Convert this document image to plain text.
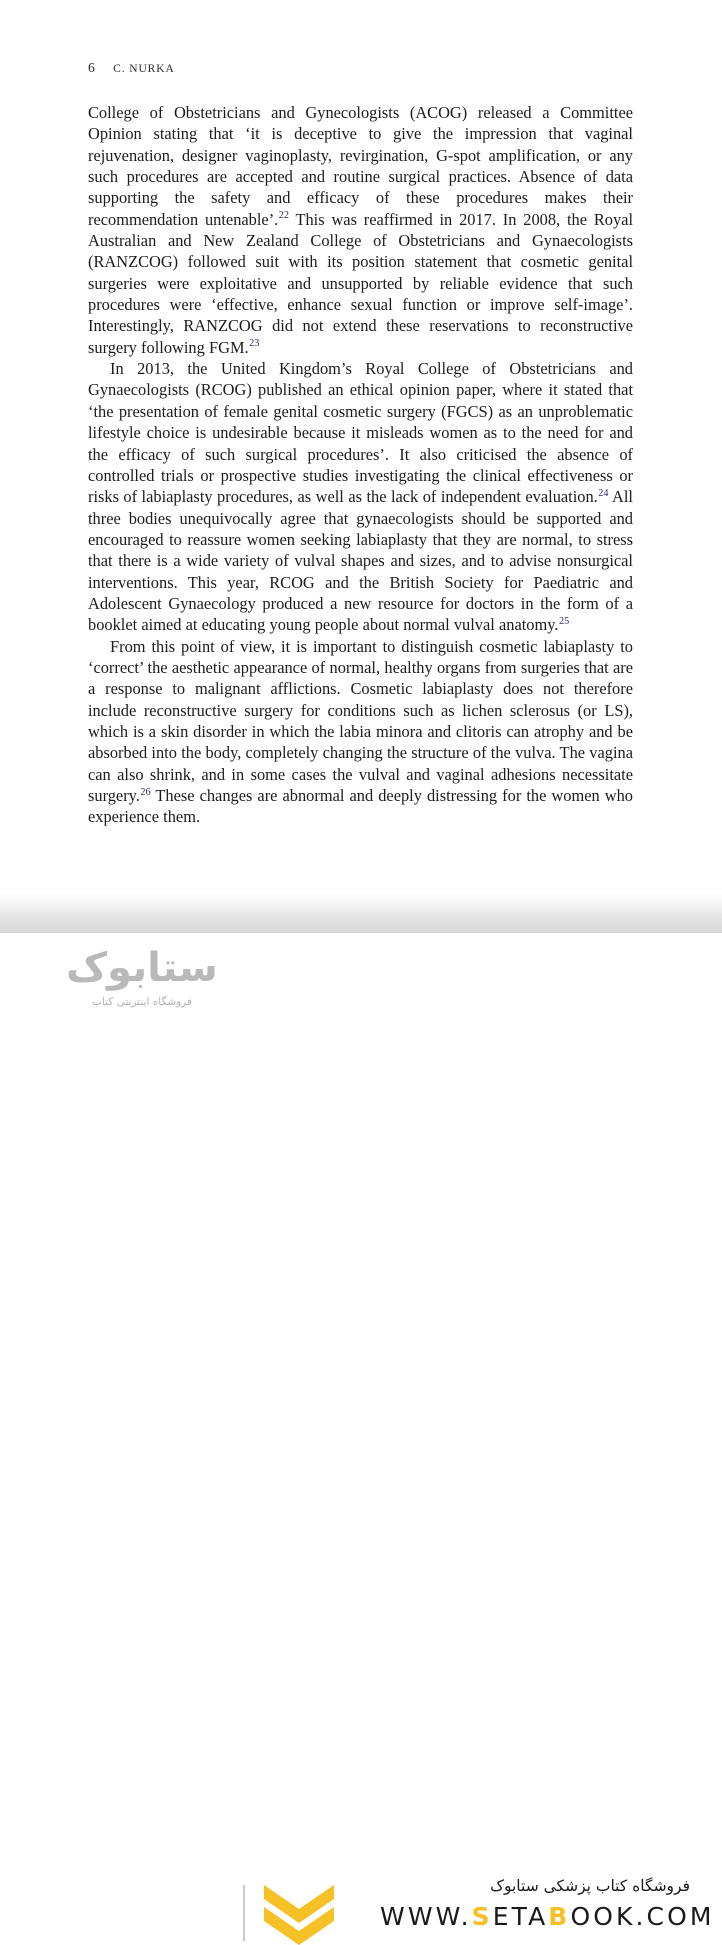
6 C. NURKA

College of Obstetricians and Gynecologists (ACOG) released a Committee Opinion stating that ‘it is deceptive to give the impression that vaginal rejuvenation, designer vaginoplasty, revirgination, G-spot amplification, or any such procedures are accepted and routine surgical practices. Absence of data supporting the safety and efficacy of these procedures makes their recommendation untenable’.$^{22}$ This was reaffirmed in 2017. In 2008, the Royal Australian and New Zealand College of Obstetricians and Gynaecologists (RANZCOG) followed suit with its position statement that cosmetic genital surgeries were exploitative and unsupported by reliable evidence that such procedures were ‘effective, enhance sexual function or improve self-image’. Interestingly, RANZCOG did not extend these reservations to reconstructive surgery following FGM.$^{23}$

In 2013, the United Kingdom’s Royal College of Obstetricians and Gynaecologists (RCOG) published an ethical opinion paper, where it stated that ‘the presentation of female genital cosmetic surgery (FGCS) as an unproblematic lifestyle choice is undesirable because it misleads women as to the need for and the efficacy of such surgical procedures’. It also criticised the absence of controlled trials or prospective studies investigating the clinical effectiveness or risks of labiaplasty procedures, as well as the lack of independent evaluation.$^{24}$ All three bodies unequivocally agree that gynaecologists should be supported and encouraged to reassure women seeking labiaplasty that they are normal, to stress that there is a wide variety of vulval shapes and sizes, and to advise nonsurgical interventions. This year, RCOG and the British Society for Paediatric and Adolescent Gynaecology produced a new resource for doctors in the form of a booklet aimed at educating young people about normal vulval anatomy.$^{25}$

From this point of view, it is important to distinguish cosmetic labiaplasty to ‘correct’ the aesthetic appearance of normal, healthy organs from surgeries that are a response to malignant afflictions. Cosmetic labiaplasty does not therefore include reconstructive surgery for conditions such as lichen sclerosus (or LS), which is a skin disorder in which the labia minora and clitoris can atrophy and be absorbed into the body, completely changing the structure of the vulva. The vagina can also shrink, and in some cases the vulval and vaginal adhesions necessitate surgery.$^{26}$ These changes are abnormal and deeply distressing for the women who experience them.

ستابوک
فروشگاه اینترنتی کتاب
فروشگاه کتاب پزشکی ستابوک
WWW.SETABOOK.COM
